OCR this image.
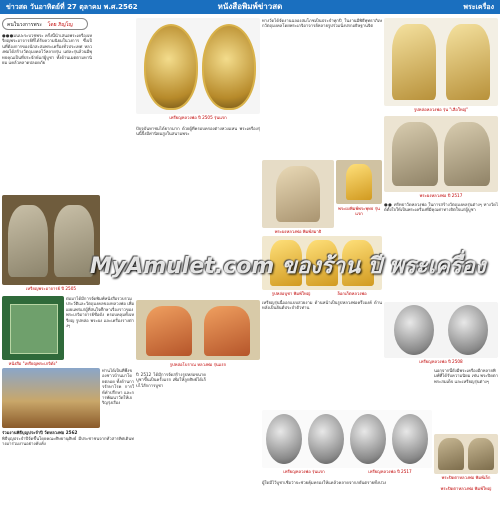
ข่าวสด วันอาทิตย์ที่ 27 ตุลาคม พ.ศ.2562	หนังสือพิมพ์ข่าวสด	พระเครื่อง
คนในวงการพระ โดย ภิญโญ
●●●มนปะระบวชพระ ครั้งนี้นำเสนอพระเครื่องเหรียญพระอาจารย์ที่ได้รับความนิยมในวงการ ซึ่งเป็นที่ต้องการของนักสะสมพระเครื่องทั่วประเทศ หลวงพ่อได้สร้างวัตถุมงคลไว้หลายรุ่น แต่ละรุ่นล้วนมีพุทธคุณเป็นที่ประจักษ์แก่ผู้บูชา ทั้งด้านเมตตามหานิยม แคล้วคลาดปลอดภัย
เหรียญพระอาจารย์ ปี 2505
ต่อมาได้มีการจัดพิมพ์หนังสือรวบรวมประวัติและวัตถุมงคลของหลวงพ่อ เพื่อเผยแพร่แก่ผู้ที่สนใจศึกษาเรื่องราวของพระเกจิอาจารย์ชื่อดัง ครอบคลุมทั้งเหรียญ รูปหล่อ พระผง และเครื่องรางต่างๆ
หนังสือ "เหรียญพระเกจิดัง"
ท่านได้เป็นที่พึ่งของชาวบ้านมาโดยตลอด ทั้งด้านการรักษาโรค การให้คำปรึกษา และการพัฒนาวัดให้เจริญรุ่งเรือง
ร่วมงานพิธีบุญประจำปี วัดหลวงพ่อ 2562
พิธีบุญประจำปีจัดขึ้นโดยคณะศิษยานุศิษย์ มีประชาชนจากทั่วสารทิศเดินทางมาร่วมงานอย่างคับคั่ง
เหรียญหลวงพ่อ ปี 2505 รุ่นแรก
ปัจจุบันหาชมได้ยากมาก ด้วยผู้ที่ครอบครองต่างหวงแหน พระเครื่องรุ่นนี้จึงมีค่านิยมสูงในสนามพระ
รูปหล่อโบราณ หลวงพ่อ รุ่นแรก
ปี 2512 ได้มีการจัดสร้างรูปหล่อขนาดบูชาขึ้นเป็นครั้งแรก เพื่อให้ลูกศิษย์ได้เก็บไว้สักการบูชา
ทางวัดได้จัดงานฉลองสมโภชเป็นประจำทุกปี ในงานมีพิธีพุทธาภิเษกวัตถุมงคลโดยพระเกจิอาจารย์หลายรูปร่วมนั่งปรกอธิษฐานจิต
พระผงหลวงพ่อ พิมพ์สมาธิ
พระผงพิมพ์พระพุทธ รุ่นแรก
รูปหล่อบูชา พิมพ์ใหญ่	ล็อกเก็ตหลวงพ่อ
เหรียญรุ่นนี้ออกแบบสวยงาม ด้านหน้าเป็นรูปหลวงพ่อครึ่งองค์ ด้านหลังเป็นยันต์ประจำตัวท่าน
เหรียญหลวงพ่อ รุ่นแรก	เหรียญหลวงพ่อ ปี 2517
ผู้ใดมีไว้บูชาเชื่อว่าจะช่วยคุ้มครองให้แคล้วคลาดจากภยันตรายทั้งปวง
รูปหล่อหลวงพ่อ รุ่น "เสือใหญ่"
พระผงหลวงพ่อ ปี 2517
●● ศรัทธาวัดหลวงพ่อ ในการสร้างวัตถุมงคลรุ่นต่างๆ ทางวัดได้ตั้งใจให้เป็นพระเครื่องที่มีคุณค่าทางจิตใจแก่ผู้บูชา
เหรียญหลวงพ่อ ปี 2508
นอกจากนี้ยังมีพระเครื่องอีกหลายพิมพ์ที่ได้รับความนิยม เช่น พระปิดตา พระสมเด็จ และเหรียญรุ่นต่างๆ
พระปิดตาหลวงพ่อ พิมพ์เล็ก
พระปิดตาหลวงพ่อ พิมพ์ใหญ่
MyAmulet.com ของร้าน ปี พระเครื่อง
